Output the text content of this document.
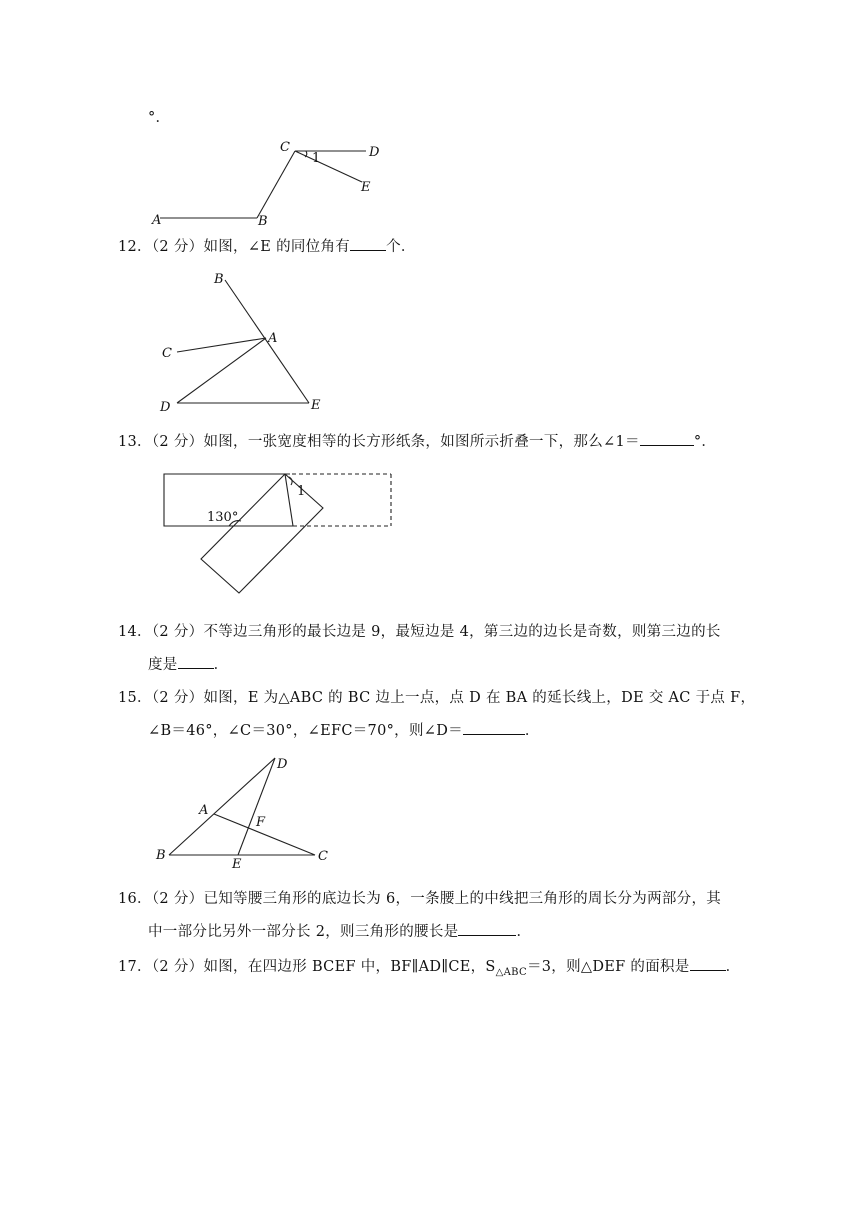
°．
C
1	D
E
A	B
12．（2 分）如图，∠E 的同位角有 个．
B
A
C
D	E
13．（2 分）如图，一张宽度相等的长方形纸条，如图所示折叠一下，那么∠1＝	°．
1
130°
14．（2 分）不等边三角形的最长边是 9，最短边是 4，第三边的边长是奇数，则第三边的长
度是 ．
15．（2 分）如图，E 为△ABC 的 BC 边上一点，点 D 在 BA 的延长线上，DE 交 AC 于点 F，
∠B＝46°，∠C＝30°，∠EFC＝70°，则∠D＝	．
D
A
F
B
E
C
16．（2 分）已知等腰三角形的底边长为 6，一条腰上的中线把三角形的周长分为两部分，其
中一部分比另外一部分长 2，则三角形的腰长是	．
17．（2 分）如图，在四边形 BCEF 中，BF∥AD∥CE，$S_{\triangle ABC}=3$，则△DEF 的面积是 ．
